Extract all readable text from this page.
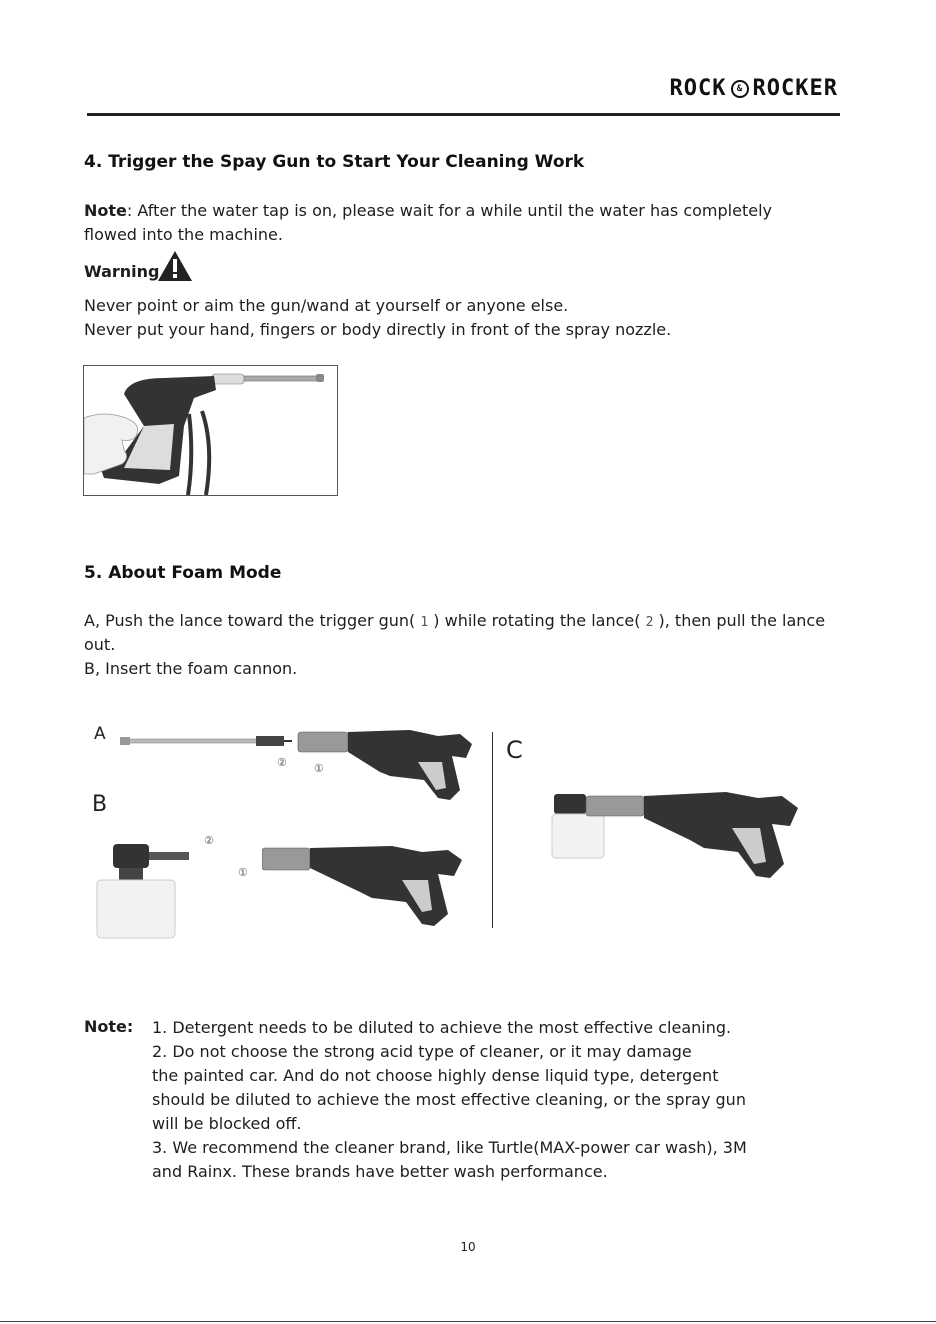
ROCK	& ROCKER
4. Trigger the Spay Gun to Start Your Cleaning Work
Note: After the water tap is on, please wait for a while until the water has completely
flowed into the machine.
Warning
Never point or aim the gun/wand at yourself or anyone else.
Never put your hand, fingers or body directly in front of the spray nozzle.
5. About Foam Mode
A, Push the lance toward the trigger gun( 1 ) while rotating the lance( 2 ), then pull the lance
out.
B, Insert the foam cannon.
A
B
C
② ①
②
①
Note: 1. Detergent needs to be diluted to achieve the most effective cleaning.
2. Do not choose the strong acid type of cleaner, or it may damage
the painted car. And do not choose highly dense liquid type, detergent
should be diluted to achieve the most effective cleaning, or the spray gun
will be blocked off.
3. We recommend the cleaner brand, like Turtle(MAX-power car wash), 3M
and Rainx. These brands have better wash performance.
10
